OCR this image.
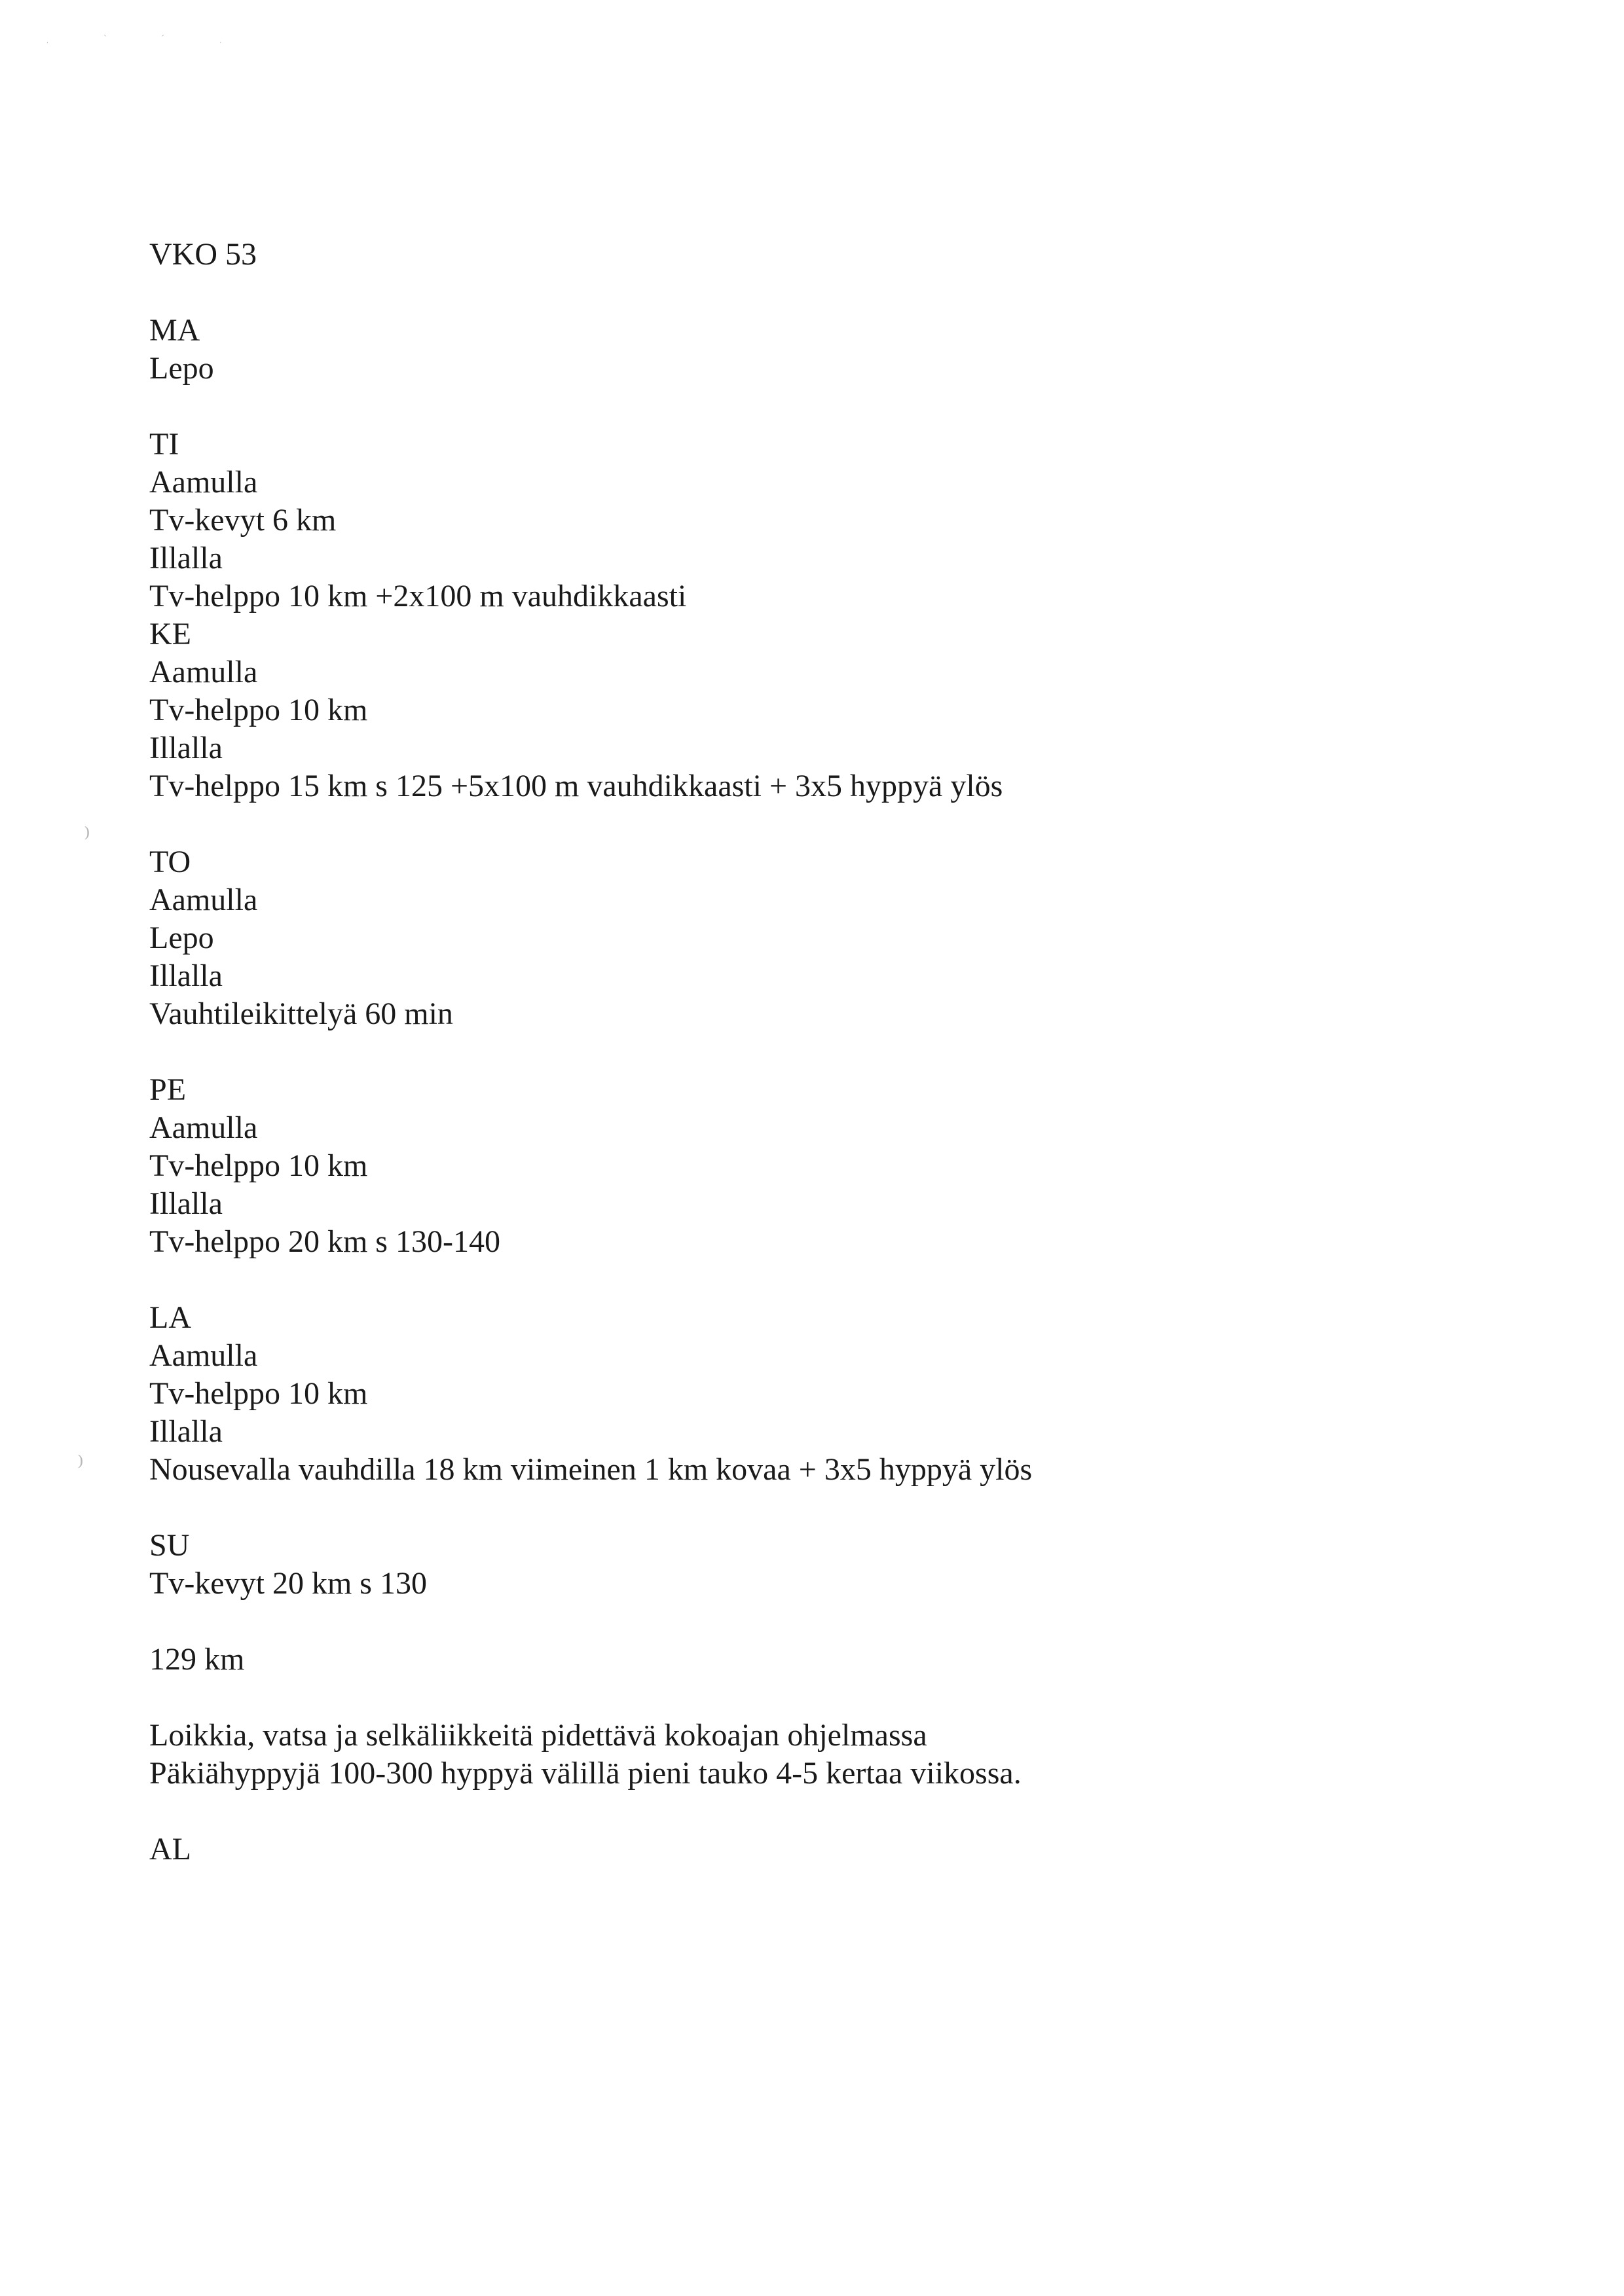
ˌ ˋ ˊ ˌ
⁾
⁾
VKO 53
MA
Lepo
TI
Aamulla
Tv-kevyt 6 km
Illalla
Tv-helppo 10 km +2x100 m vauhdikkaasti
KE
Aamulla
Tv-helppo 10 km
Illalla
Tv-helppo 15 km s 125 +5x100 m vauhdikkaasti + 3x5 hyppyä ylös
TO
Aamulla
Lepo
Illalla
Vauhtileikittelyä 60 min
PE
Aamulla
Tv-helppo 10 km
Illalla
Tv-helppo 20 km s 130-140
LA
Aamulla
Tv-helppo 10 km
Illalla
Nousevalla vauhdilla 18 km viimeinen 1 km kovaa + 3x5 hyppyä ylös
SU
Tv-kevyt 20 km s 130
129 km
Loikkia, vatsa ja selkäliikkeitä pidettävä kokoajan ohjelmassa
Päkiähyppyjä 100-300 hyppyä välillä pieni tauko 4-5 kertaa viikossa.
AL
